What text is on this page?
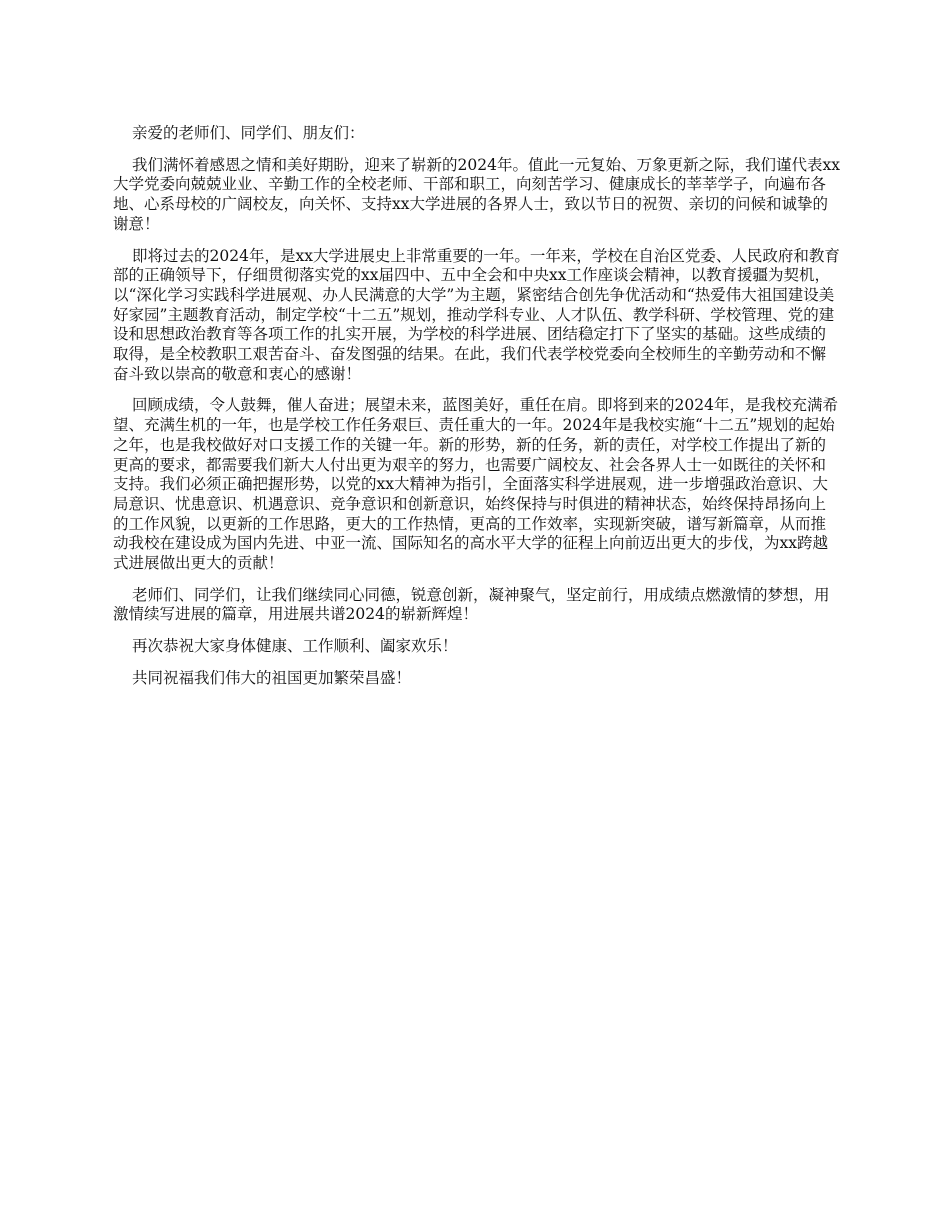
亲爱的老师们、同学们、朋友们：

我们满怀着感恩之情和美好期盼，迎来了崭新的2024年。值此一元复始、万象更新之际，我们谨代表xx大学党委向兢兢业业、辛勤工作的全校老师、干部和职工，向刻苦学习、健康成长的莘莘学子，向遍布各地、心系母校的广阔校友，向关怀、支持xx大学进展的各界人士，致以节日的祝贺、亲切的问候和诚挚的谢意！

即将过去的2024年，是xx大学进展史上非常重要的一年。一年来，学校在自治区党委、人民政府和教育部的正确领导下，仔细贯彻落实党的xx届四中、五中全会和中央xx工作座谈会精神，以教育援疆为契机，以“深化学习实践科学进展观、办人民满意的大学”为主题，紧密结合创先争优活动和“热爱伟大祖国建设美好家园”主题教育活动，制定学校“十二五”规划，推动学科专业、人才队伍、教学科研、学校管理、党的建设和思想政治教育等各项工作的扎实开展，为学校的科学进展、团结稳定打下了坚实的基础。这些成绩的取得，是全校教职工艰苦奋斗、奋发图强的结果。在此，我们代表学校党委向全校师生的辛勤劳动和不懈奋斗致以崇高的敬意和衷心的感谢！

回顾成绩，令人鼓舞，催人奋进；展望未来，蓝图美好，重任在肩。即将到来的2024年，是我校充满希望、充满生机的一年，也是学校工作任务艰巨、责任重大的一年。2024年是我校实施“十二五”规划的起始之年，也是我校做好对口支援工作的关键一年。新的形势，新的任务，新的责任，对学校工作提出了新的更高的要求，都需要我们新大人付出更为艰辛的努力，也需要广阔校友、社会各界人士一如既往的关怀和支持。我们必须正确把握形势，以党的xx大精神为指引，全面落实科学进展观，进一步增强政治意识、大局意识、忧患意识、机遇意识、竞争意识和创新意识，始终保持与时俱进的精神状态，始终保持昂扬向上的工作风貌，以更新的工作思路，更大的工作热情，更高的工作效率，实现新突破，谱写新篇章，从而推动我校在建设成为国内先进、中亚一流、国际知名的高水平大学的征程上向前迈出更大的步伐，为xx跨越式进展做出更大的贡献！

老师们、同学们，让我们继续同心同德，锐意创新，凝神聚气，坚定前行，用成绩点燃激情的梦想，用激情续写进展的篇章，用进展共谱2024的崭新辉煌！

再次恭祝大家身体健康、工作顺利、阖家欢乐！

共同祝福我们伟大的祖国更加繁荣昌盛！
